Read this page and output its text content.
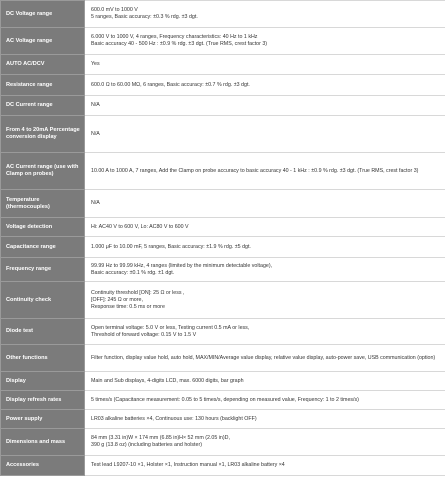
DC Voltage range	600.0 mV to 1000 V
5 ranges, Basic accuracy: ±0.3 % rdg. ±3 dgt.

AC Voltage range	6.000 V to 1000 V, 4 ranges, Frequency characteristics: 40 Hz to 1 kHz
Basic accuracy 40 - 500 Hz : ±0.9 % rdg. ±3 dgt. (True RMS, crest factor 3)

AUTO AC/DCV	Yes

Resistance range	600.0 Ω to 60.00 MΩ, 6 ranges, Basic accuracy: ±0.7 % rdg. ±3 dgt.

DC Current range	N/A

From 4 to 20mA Percentage conversion display	N/A

AC Current range (use with Clamp on probes)	10.00 A to 1000 A, 7 ranges, Add the Clamp on probe accuracy to basic accuracy 40 - 1 kHz : ±0.9 % rdg. ±3 dgt. (True RMS, crest factor 3)

Temperature (thermocouples)	N/A

Voltage detection	Hi: AC40 V to 600 V, Lo: AC80 V to 600 V

Capacitance range	1.000 μF to 10.00 mF, 5 ranges, Basic accuracy: ±1.9 % rdg. ±5 dgt.

Frequency range	99.99 Hz to 99.99 kHz, 4 ranges (limited by the minimum detectable voltage),
Basic accuracy: ±0.1 % rdg. ±1 dgt.

Continuity check	Continuity threshold [ON]: 25 Ω or less ,
[OFF]: 245 Ω or more,
Response time: 0.5 ms or more

Diode test	Open terminal voltage: 5.0 V or less, Testing current 0.5 mA or less,
Threshold of forward voltage: 0.15 V to 1.5 V

Other functions	Filter function, display value hold, auto hold, MAX/MIN/Average value display, relative value display, auto-power save, USB communication (option)

Display	Main and Sub displays, 4-digits LCD, max. 6000 digits, bar graph

Display refresh rates	5 times/s (Capacitance measurement: 0.05 to 5 times/s, depending on measured value, Frequency: 1 to 2 times/s)

Power supply	LR03 alkaline batteries ×4, Continuous use: 130 hours (backlight OFF)

Dimensions and mass	84 mm (3.31 in)W × 174 mm (6.85 in)H× 52 mm (2.05 in)D,
390 g (13.8 oz) (including batteries and holster)

Accessories	Test lead L9207-10 ×1, Holster ×1, Instruction manual ×1, LR03 alkaline battery ×4
